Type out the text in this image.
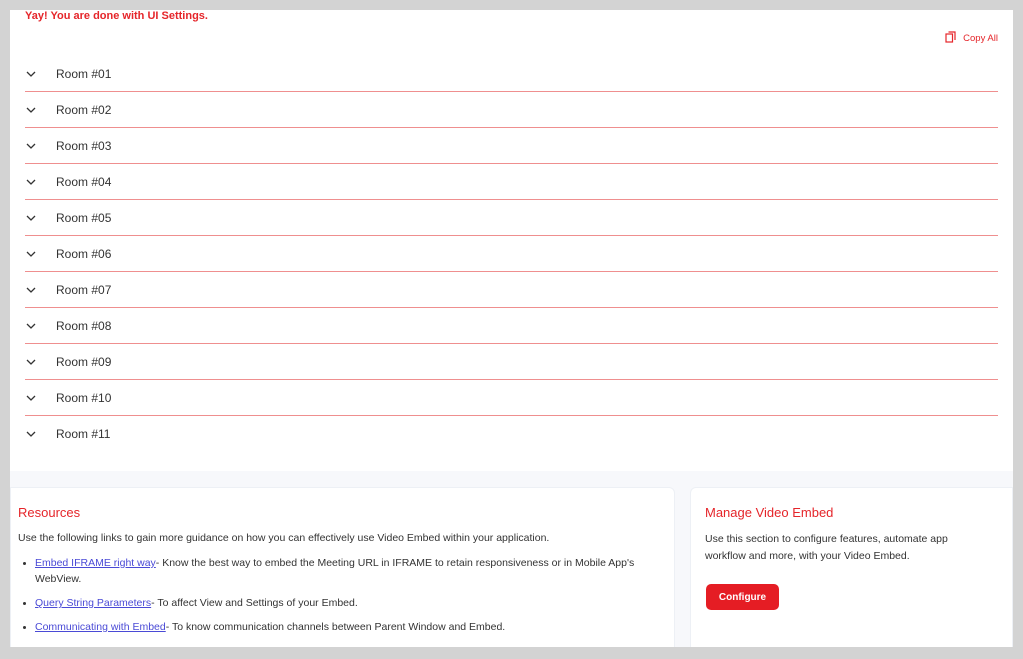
Yay! You are done with UI Settings.
Copy All
Room #01
Room #02
Room #03
Room #04
Room #05
Room #06
Room #07
Room #08
Room #09
Room #10
Room #11
Resources
Use the following links to gain more guidance on how you can effectively use Video Embed within your application.
Embed IFRAME right way- Know the best way to embed the Meeting URL in IFRAME to retain responsiveness or in Mobile App's WebView.
Query String Parameters- To affect View and Settings of your Embed.
Communicating with Embed- To know communication channels between Parent Window and Embed.
Manage Video Embed
Use this section to configure features, automate app workflow and more, with your Video Embed.
Configure
